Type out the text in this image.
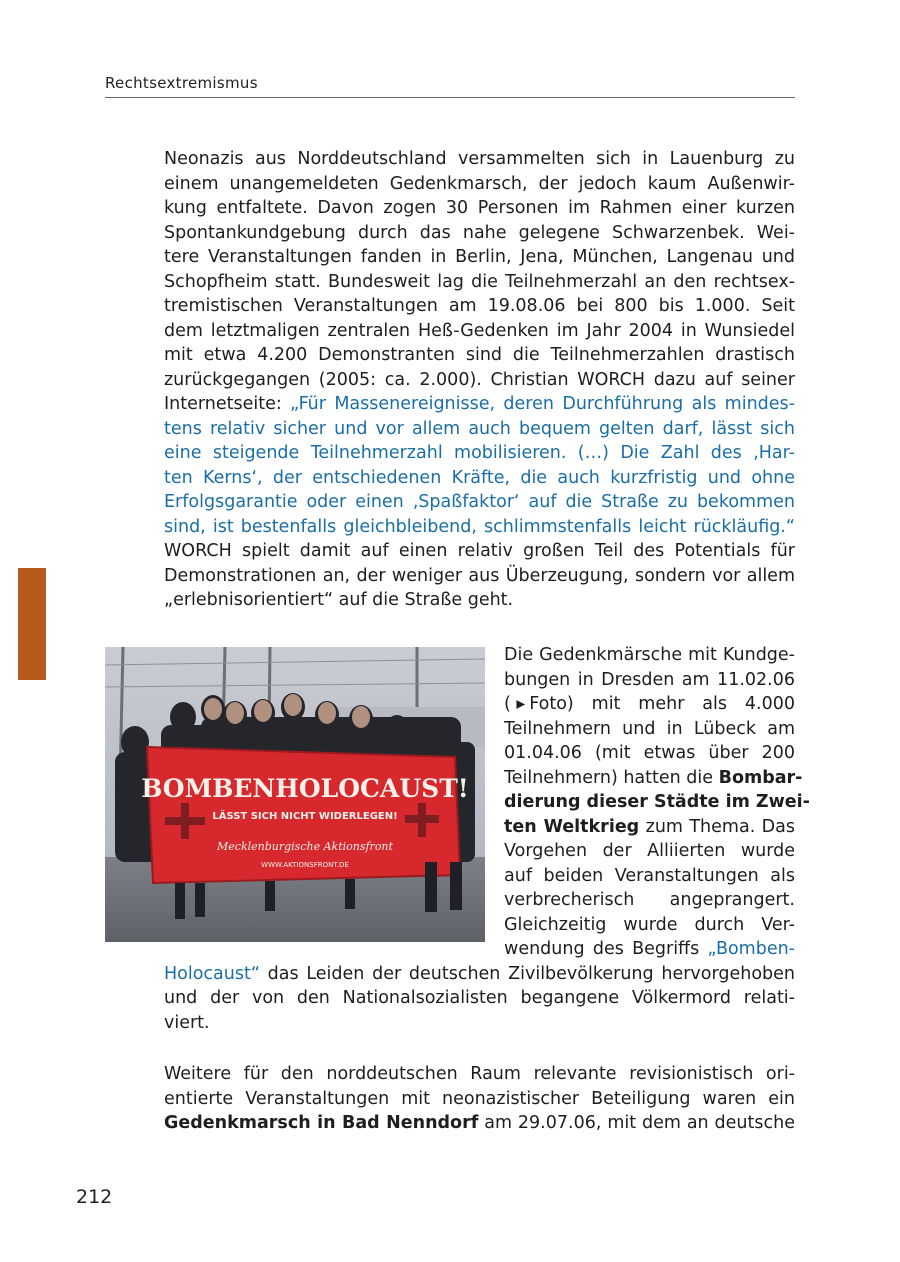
Rechtsextremismus
Neonazis aus Norddeutschland versammelten sich in Lauenburg zu
einem unangemeldeten Gedenkmarsch, der jedoch kaum Außenwir-
kung entfaltete. Davon zogen 30 Personen im Rahmen einer kurzen
Spontankundgebung durch das nahe gelegene Schwarzenbek. Wei-
tere Veranstaltungen fanden in Berlin, Jena, München, Langenau und
Schopfheim statt. Bundesweit lag die Teilnehmerzahl an den rechtsex-
tremistischen Veranstaltungen am 19.08.06 bei 800 bis 1.000. Seit
dem letztmaligen zentralen Heß-Gedenken im Jahr 2004 in Wunsiedel
mit etwa 4.200 Demonstranten sind die Teilnehmerzahlen drastisch
zurückgegangen (2005: ca. 2.000). Christian WORCH dazu auf seiner
Internetseite: „Für Massenereignisse, deren Durchführung als mindes-
tens relativ sicher und vor allem auch bequem gelten darf, lässt sich
eine steigende Teilnehmerzahl mobilisieren. (…) Die Zahl des ‚Har-
ten Kerns‘, der entschiedenen Kräfte, die auch kurzfristig und ohne
Erfolgsgarantie oder einen ‚Spaßfaktor‘ auf die Straße zu bekommen
sind, ist bestenfalls gleichbleibend, schlimmstenfalls leicht rückläufig.“
WORCH spielt damit auf einen relativ großen Teil des Potentials für
Demonstrationen an, der weniger aus Überzeugung, sondern vor allem
„erlebnisorientiert“ auf die Straße geht.
BOMBENHOLOCAUST!
LÄSST SICH NICHT WIDERLEGEN!
Mecklenburgische Aktionsfront
WWW.AKTIONSFRONT.DE
Die Gedenkmärsche mit Kundge-
bungen in Dresden am 11.02.06
( ▸ Foto) mit mehr als 4.000
Teilnehmern und in Lübeck am
01.04.06 (mit etwas über 200
Teilnehmern) hatten die Bombar-
dierung dieser Städte im Zwei-
ten Weltkrieg zum Thema. Das
Vorgehen der Alliierten wurde
auf beiden Veranstaltungen als
verbrecherisch angeprangert.
Gleichzeitig wurde durch Ver-
wendung des Begriffs „Bomben-
Holocaust“ das Leiden der deutschen Zivilbevölkerung hervorgehoben
und der von den Nationalsozialisten begangene Völkermord relati-
viert.
Weitere für den norddeutschen Raum relevante revisionistisch ori-
entierte Veranstaltungen mit neonazistischer Beteiligung waren ein
Gedenkmarsch in Bad Nenndorf am 29.07.06, mit dem an deutsche
212
